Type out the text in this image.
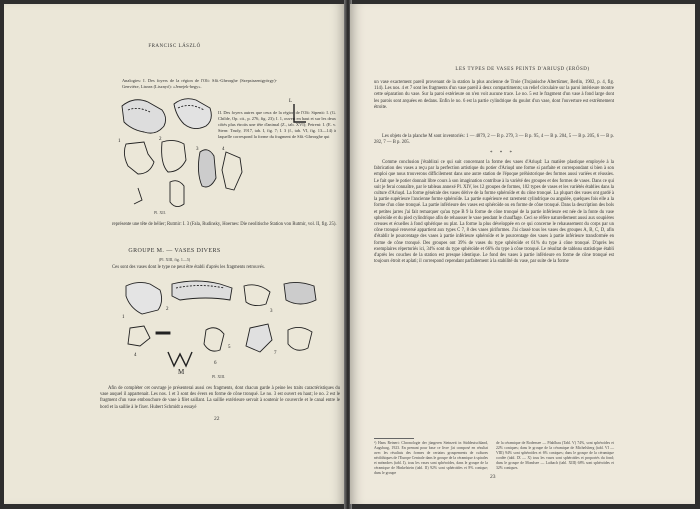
FRANCISC LÁSZLÓ
Analogies: I. Des foyers de la région de l'Olt: Sfâ.-Gheorghe (Szepsiszentgyörgy)-Genviéze, Lisnea (Lisznyó): «Jenejek-hegy».
1	2
3	4
L
II. Des foyers autres que ceux de la région de l'Olt: Sipenit: I. (G. Childe, Op. cit., p. 276, fig. 23); I. 1, ouvert en haut et sur les deux côtés plus étroits une tête d'animal (Z., tab. XVI); Petreni: I. (E. v. Stern: Trudy, 1917, tab. I, fig. 7; I. 3 (f., tab. VI, fig. 13—14) à laquelle correspond la forme du fragment de Sfâ.-Gheorghe qui
Pl. XII.
représente une tête de bélier; Rutmir: I. 3 (Fala, Rudinsky, Hoernes: Die neolitische Station von Rutmir, vol. II, fig. 25).
GROUPE M. — VASES DIVERS
(Pl. XIII, fig. 1—5)
Ces sont des vases dont le type ne peut être établi d'après les fragments retrouvés.
1
2	3
4
5
6
7
M
Pl. XIII.

Afin de compléter cet ouvrage je présenterai aussi ces fragments, dont chacun garde à peine les traits caractéristiques du vase auquel il appartenait. Les nos. 1 et 3 sont des évers en forme de cône tronqué. Le no. 3 est ouvert en haut; le no. 2 est le fragment d'un vase embouchure de vase à filet saillant. La saillie extérieure servait à soutenir le couvercle et le canal entre le bord et la saillie à le fixer. Hubert Schmidt a essayé

22
LES TYPES DE VASES PEINTS D'ARIUŞD (ERÖSD)

un vase exactement pareil provenant de la station la plus ancienne de Troie (Trojanische Altertümer, Berlin, 1902, p. 4, fig. 114). Les nos. 4 et 7 sont les fragments d'un vase pareil à deux compartiments; un relief circulaire sur la paroi intérieure montre cette séparation du vase. Sur la paroi extérieure on n'en voit aucune trace. Le no. 5 est le fragment d'un vase à fond large dont les parois sont arquées en dedans. Enfin le no. 6 est la partie cylindrique du goulot d'un vase, dont l'ouverture est extrêmement étroite.

Les objets de la planche M sont inventoriés: 1 — 4879, 2 — B p. 279, 3 — B p. 95, 4 — B p. 204, 5 — B p. 205, 6 — B p. 282, 7 — B p. 205.

* * *

Comme conclusion j'établirai ce qui suit concernant la forme des vases d'Ariuşd: La matière plastique employée à la fabrication des vases a reçu par la perfection artistique du potier d'Ariuşd une forme si parfaite et correspondant si bien à son emploi que nous trouverons difficilement dans une autre station de l'époque préhistorique des formes aussi variées et réussies. Le fait que le potier donnait libre cours à son imagination contribue à la variété des groupes et des formes de vases. Dans ce qui suit je ferai connaître, par le tableau annexé Pl. XIV, les 12 groupes de formes, 102 types de vases et les variétés établies dans la culture d'Ariuşd. La forme générale des vases dérive de la forme sphéroïde et du cône tronqué. La plupart des vases ont gardé à la partie supérieure l'ancienne forme sphéroïde. La partie supérieure est rarement cylindrique ou angulée, quelques fois elle a la forme d'un cône tronqué. La partie inférieure des vases est sphéroïde ou en forme de cône tronqué. Dans la description des bols et petites jarres j'ai fait remarquer qu'au type B 9 la forme de cône tronqué de la partie inférieure est née de la fonte du vase sphéroïde et du pied cylindrique afin de rehausser le vase pendant le chauffage. Ceci se réfère naturellement aussi aux soupières creuses et écuelles à fond sphérique ou plat. La forme la plus développée en ce qui concerne le rehaussement du corps par un cône tronqué renversé appartient aux types C 7, 8 des vases piriformes. J'ai classé tous les vases des groupes A, B, C, D, afin d'établir le pourcentage des vases à partie inférieure sphéroïde et le pourcentage des vases à partie inférieure transformée en forme de cône tronqué. Des groupes ont 39% de vases du type sphéroïde et 61% du type à cône tronqué. D'après les exemplaires répertoriés ici, 34% sont du type sphéroïde et 66% du type à cône tronqué. Le résultat de tableau statistique établi d'après les couches de la station est presque identique. Le fond des vases à partie inférieure en forme de cône tronqué est toujours étroit et aplati; il correspond cependant parfaitement à la stabilité du vase, par suite de la forme

¹) Hans Reinert: Chronologie der jüngeren Steinzeit in Süddeutschland, Augsburg, 1923. En prenant pour base ce livre j'ai composé en résultat avec les résultats des formes de certains groupements de cultures néolithiques de l'Europe Centrale dans le groupe de la céramique à spirales et méandres (tabl. I), tous les vases sont sphéroïdes, dans le groupe de la céramique de Hinkelstein (tabl. II) 92% sont sphéroïdes et 8% conique; dans le groupe
de la céramique de Rodensee — Pfahlbau (Tabl. V) 74%, sont sphéroïdes et 22% coniques; dans le groupe de la céramique de Michelsberg (tabl. VI — VIII) 94% sont sphéroïdes et 6% coniques; dans le groupe de la céramique cordée (tabl. IX — X) tous les vases sont sphéroïdes et proportés du fond; dans le groupe de Mondsee — Laibach (tabl. XIII) 68% sont sphéroïdes et 32% coniques.
23
